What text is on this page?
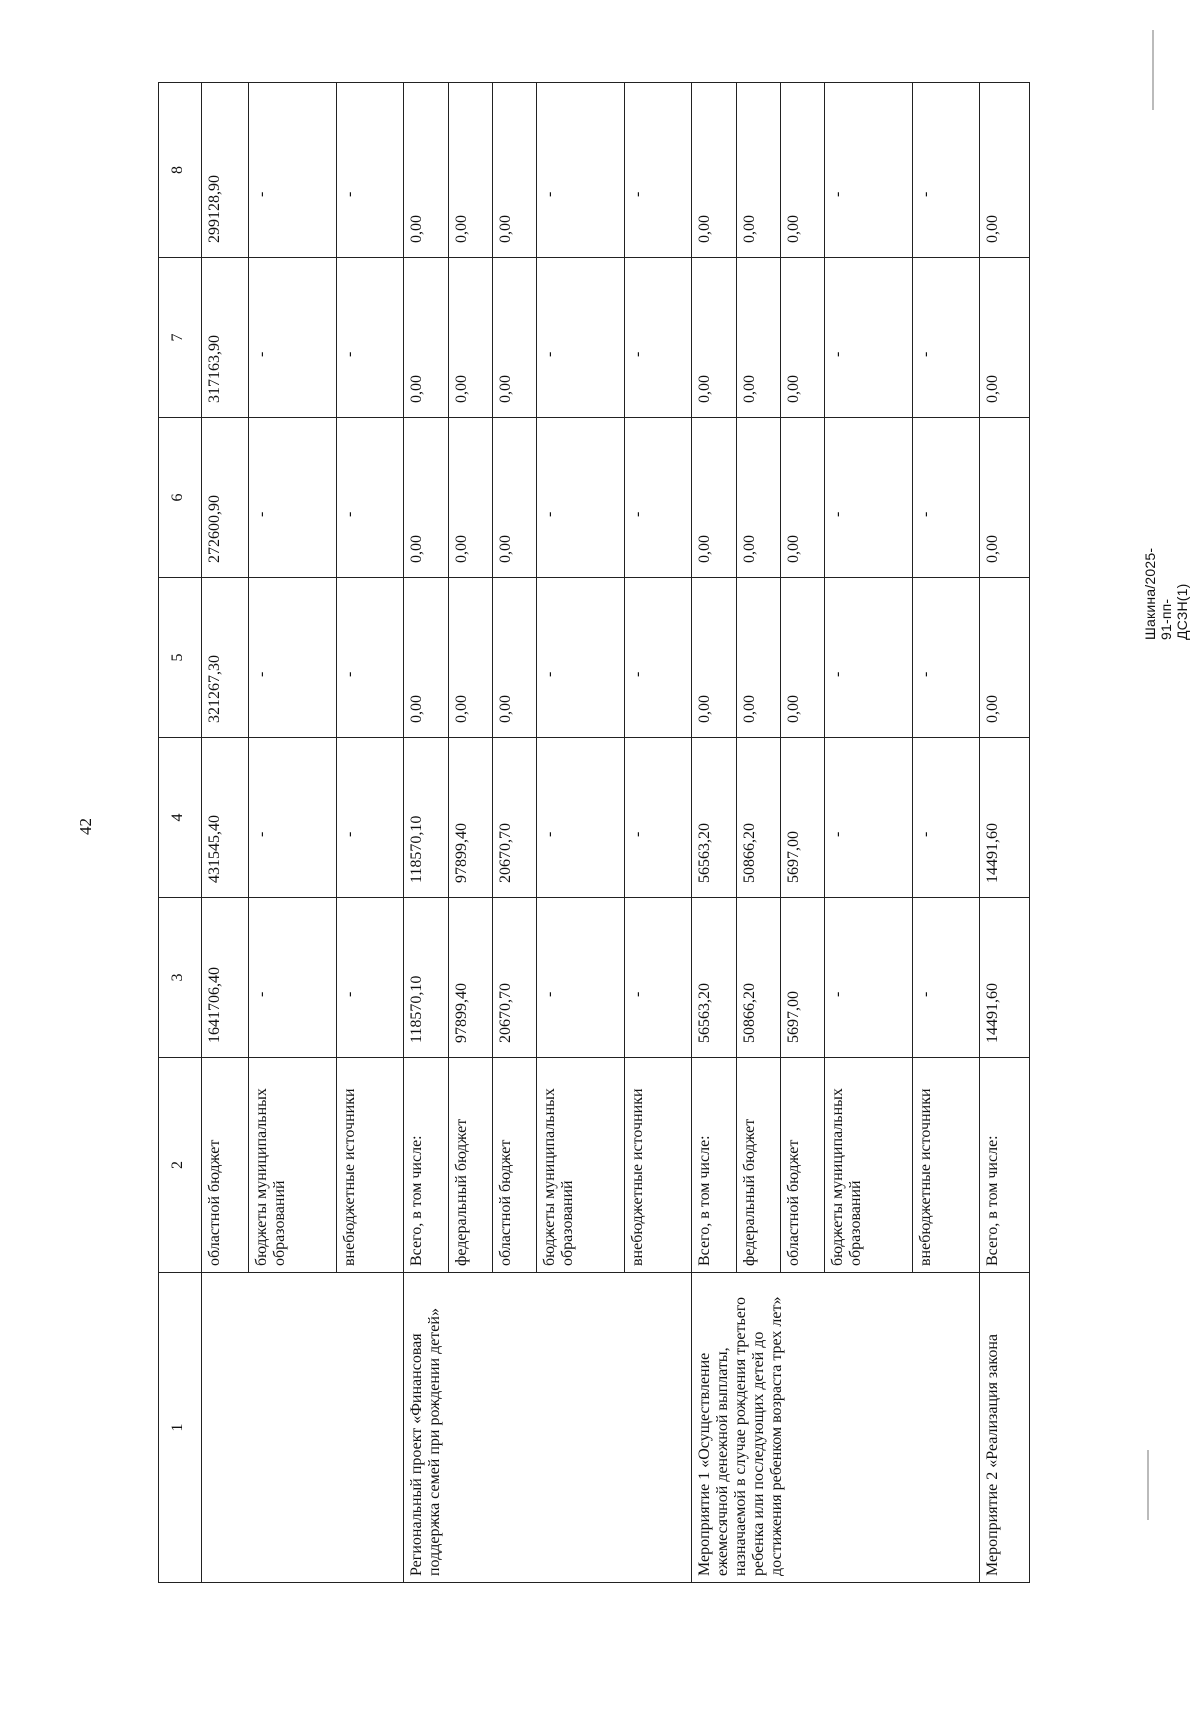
42
1	2	3	4	5	6	7	8
	областной бюджет	1641706,40	431545,40	321267,30	272600,90	317163,90	299128,90
	бюджеты муниципальных образований	-	-	-	-	-	-
	внебюджетные источники	-	-	-	-	-	-
Региональный проект «Финансовая поддержка семей при рождении детей»	Всего, в том числе:	118570,10	118570,10	0,00	0,00	0,00	0,00
	федеральный бюджет	97899,40	97899,40	0,00	0,00	0,00	0,00
	областной бюджет	20670,70	20670,70	0,00	0,00	0,00	0,00
	бюджеты муниципальных образований	-	-	-	-	-	-
	внебюджетные источники	-	-	-	-	-	-
Мероприятие 1 «Осуществление ежемесячной денежной выплаты, назначаемой в случае рождения третьего ребенка или последующих детей до достижения ребенком возраста трех лет»	Всего, в том числе:	56563,20	56563,20	0,00	0,00	0,00	0,00
	федеральный бюджет	50866,20	50866,20	0,00	0,00	0,00	0,00
	областной бюджет	5697,00	5697,00	0,00	0,00	0,00	0,00
	бюджеты муниципальных образований	-	-	-	-	-	-
	внебюджетные источники	-	-	-	-	-	-
Мероприятие 2 «Реализация закона	Всего, в том числе:	14491,60	14491,60	0,00	0,00	0,00	0,00
Шакина/2025-91-пп-ДСЗН(1)
